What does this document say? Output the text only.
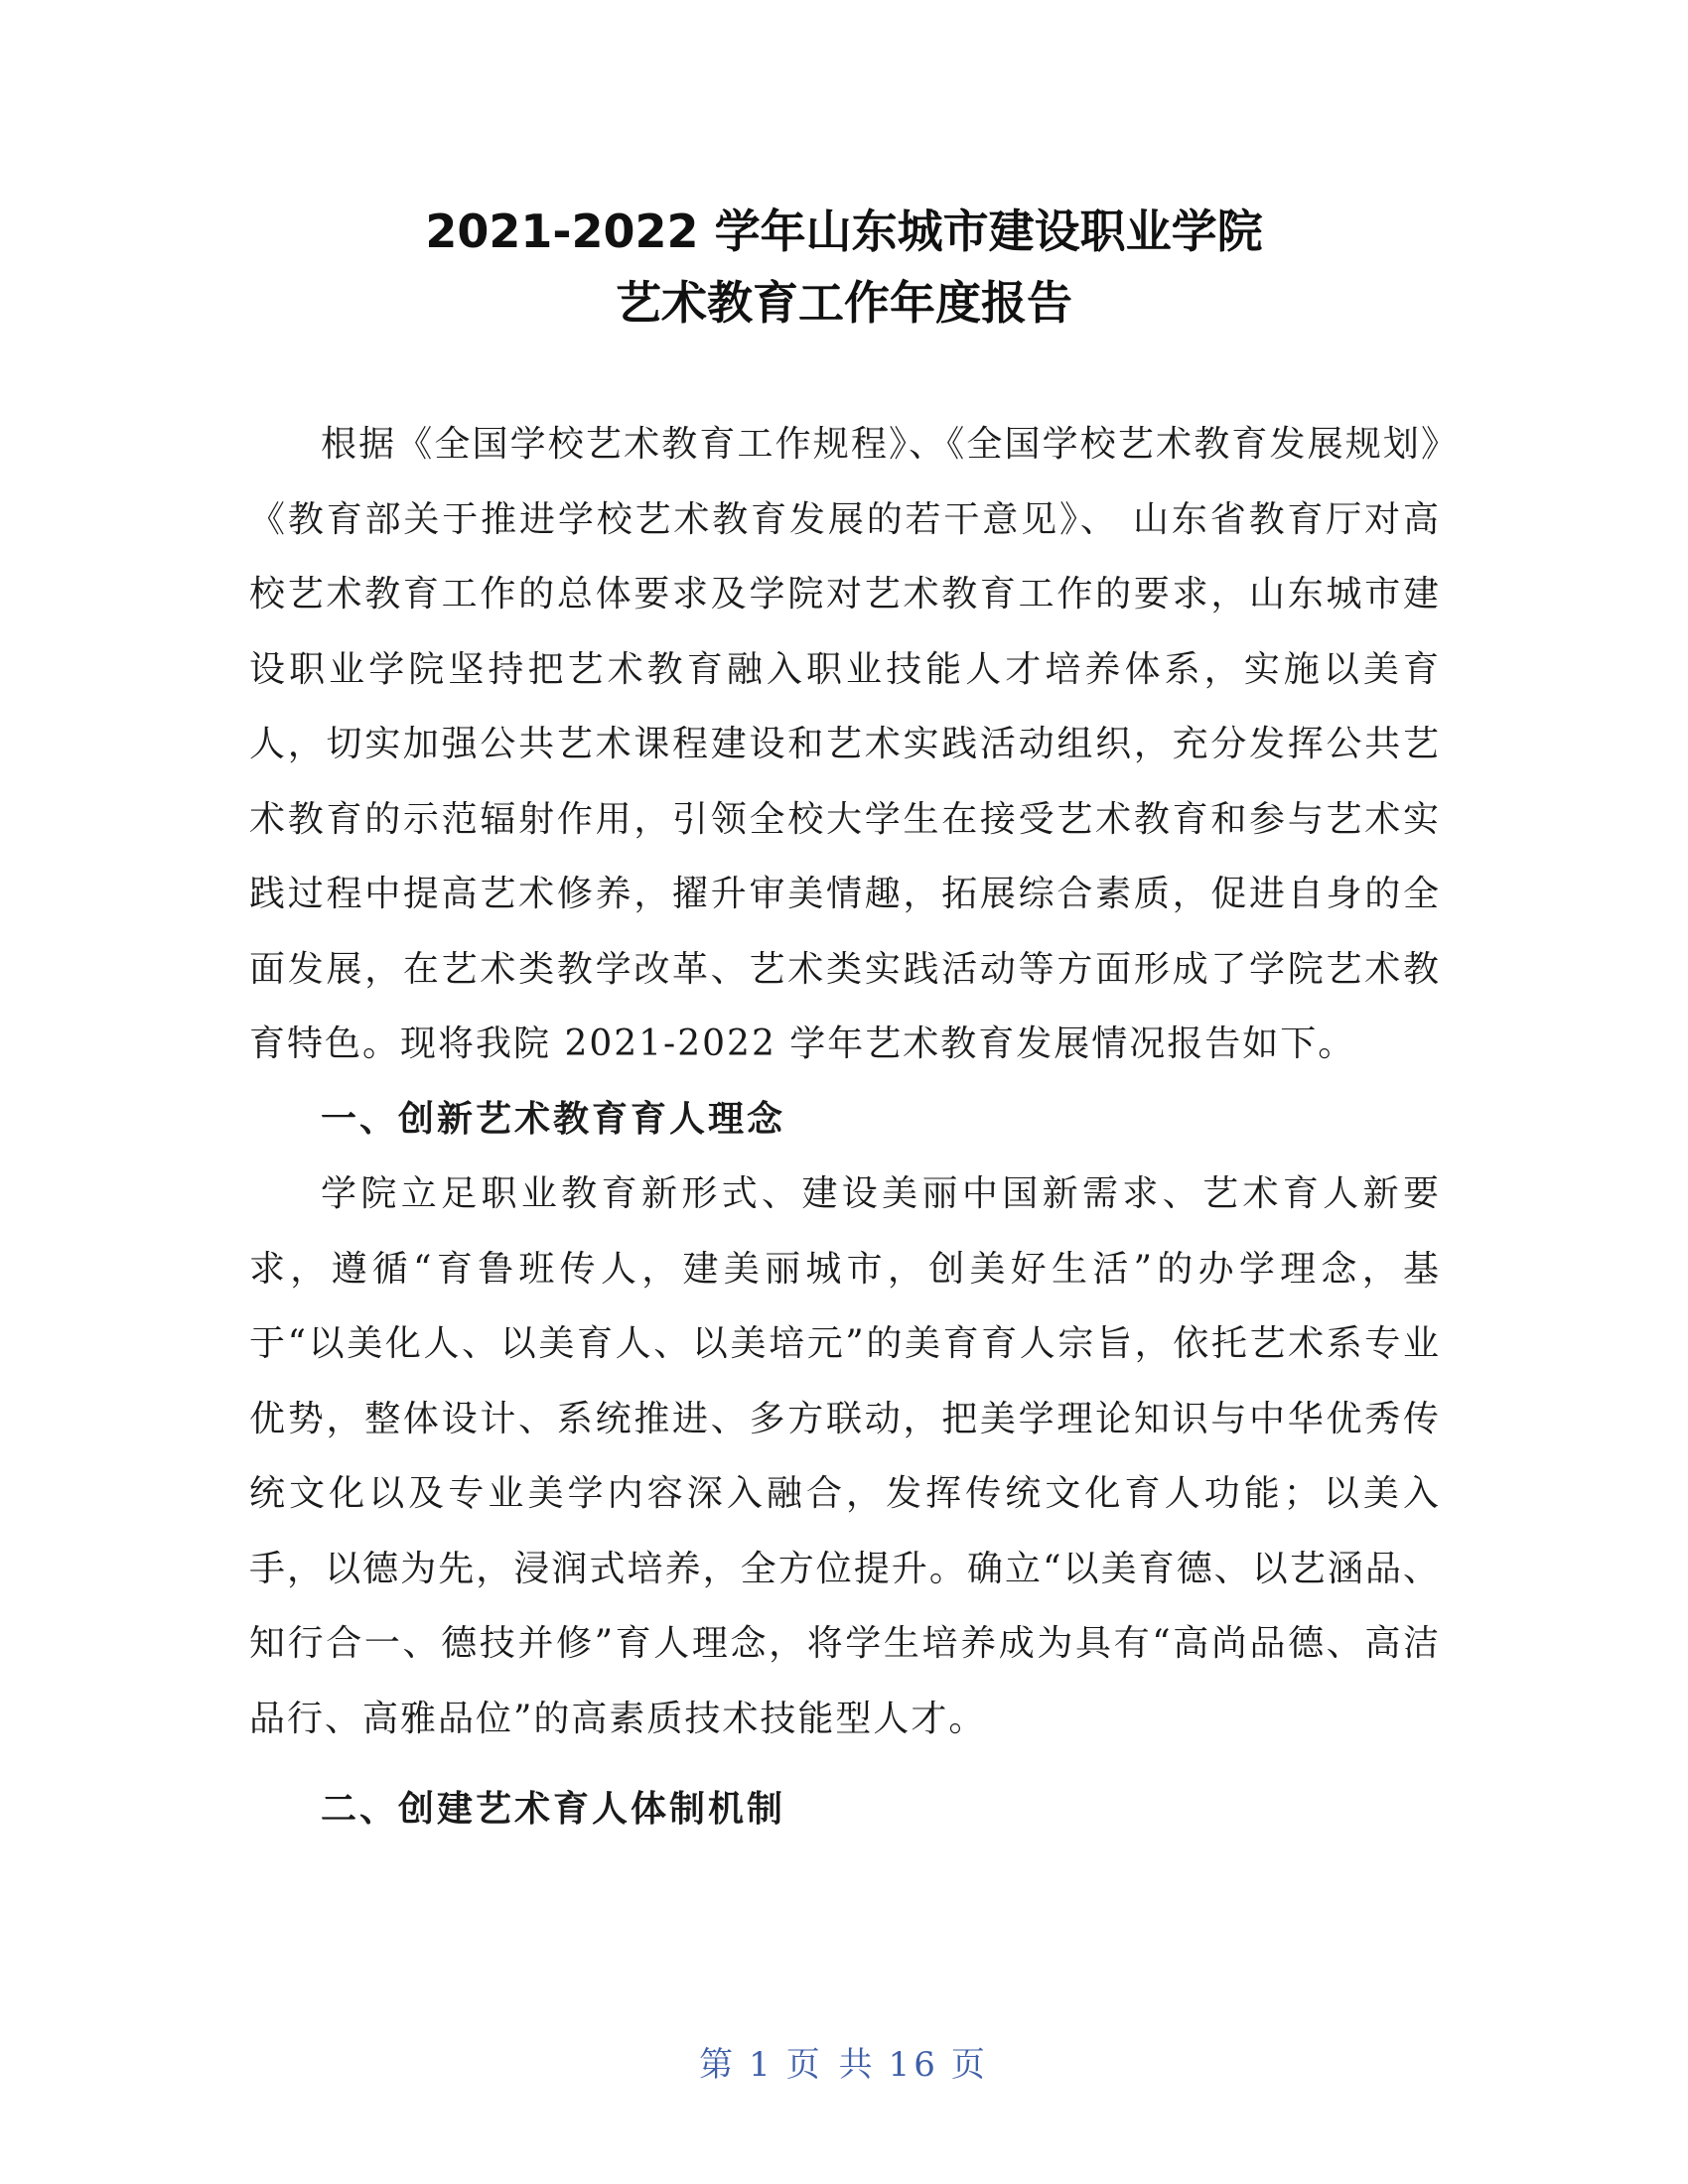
2021-2022 学年山东城市建设职业学院
艺术教育工作年度报告

根据《全国学校艺术教育工作规程》、《全国学校艺术教育发展规划》《教育部关于推进学校艺术教育发展的若干意见》、 山东省教育厅对高校艺术教育工作的总体要求及学院对艺术教育工作的要求，山东城市建设职业学院坚持把艺术教育融入职业技能人才培养体系，实施以美育人，切实加强公共艺术课程建设和艺术实践活动组织，充分发挥公共艺术教育的示范辐射作用，引领全校大学生在接受艺术教育和参与艺术实践过程中提高艺术修养，擢升审美情趣，拓展综合素质，促进自身的全面发展，在艺术类教学改革、艺术类实践活动等方面形成了学院艺术教育特色。现将我院 2021-2022 学年艺术教育发展情况报告如下。

一、创新艺术教育育人理念

学院立足职业教育新形式、建设美丽中国新需求、艺术育人新要求，遵循“育鲁班传人，建美丽城市，创美好生活”的办学理念，基于“以美化人、以美育人、以美培元”的美育育人宗旨，依托艺术系专业优势，整体设计、系统推进、多方联动，把美学理论知识与中华优秀传统文化以及专业美学内容深入融合，发挥传统文化育人功能；以美入手，以德为先，浸润式培养，全方位提升。确立“以美育德、以艺涵品、知行合一、德技并修”育人理念，将学生培养成为具有“高尚品德、高洁品行、高雅品位”的高素质技术技能型人才。

二、创建艺术育人体制机制

第 1 页 共 16 页
